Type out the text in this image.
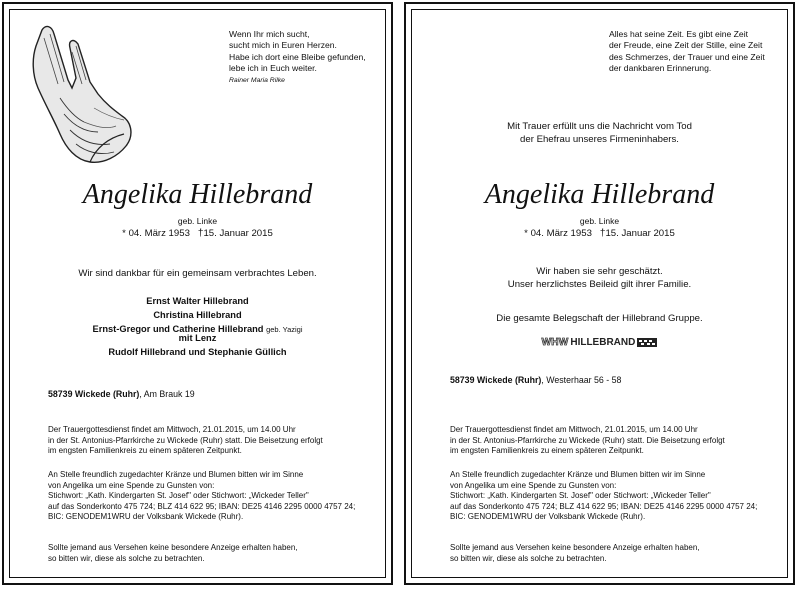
Wenn Ihr mich sucht,
sucht mich in Euren Herzen.
Habe ich dort eine Bleibe gefunden,
lebe ich in Euch weiter.
Rainer Maria Rilke
Angelika Hillebrand
geb. Linke
* 04. März 1953 †15. Januar 2015
Wir sind dankbar für ein gemeinsam verbrachtes Leben.
Ernst Walter Hillebrand
Christina Hillebrand
Ernst-Gregor und Catherine Hillebrand geb. Yazigi
mit Lenz
Rudolf Hillebrand und Stephanie Güllich
58739 Wickede (Ruhr), Am Brauk 19
Der Trauergottesdienst findet am Mittwoch, 21.01.2015, um 14.00 Uhr
in der St. Antonius-Pfarrkirche zu Wickede (Ruhr) statt. Die Beisetzung erfolgt
im engsten Familienkreis zu einem späteren Zeitpunkt.
An Stelle freundlich zugedachter Kränze und Blumen bitten wir im Sinne
von Angelika um eine Spende zu Gunsten von:
Stichwort: „Kath. Kindergarten St. Josef" oder Stichwort: „Wickeder Teller"
auf das Sonderkonto 475 724; BLZ 414 622 95; IBAN: DE25 4146 2295 0000 4757 24;
BIC: GENODEM1WRU der Volksbank Wickede (Ruhr).
Sollte jemand aus Versehen keine besondere Anzeige erhalten haben,
so bitten wir, diese als solche zu betrachten.
Alles hat seine Zeit. Es gibt eine Zeit
der Freude, eine Zeit der Stille, eine Zeit
des Schmerzes, der Trauer und eine Zeit
der dankbaren Erinnerung.
Mit Trauer erfüllt uns die Nachricht vom Tod
der Ehefrau unseres Firmeninhabers.
Angelika Hillebrand
geb. Linke
* 04. März 1953 †15. Januar 2015
Wir haben sie sehr geschätzt.
Unser herzlichstes Beileid gilt ihrer Familie.
Die gesamte Belegschaft der Hillebrand Gruppe.
WHW HILLEBRAND
58739 Wickede (Ruhr), Westerhaar 56 - 58
Der Trauergottesdienst findet am Mittwoch, 21.01.2015, um 14.00 Uhr
in der St. Antonius-Pfarrkirche zu Wickede (Ruhr) statt. Die Beisetzung erfolgt
im engsten Familienkreis zu einem späteren Zeitpunkt.
An Stelle freundlich zugedachter Kränze und Blumen bitten wir im Sinne
von Angelika um eine Spende zu Gunsten von:
Stichwort: „Kath. Kindergarten St. Josef" oder Stichwort: „Wickeder Teller"
auf das Sonderkonto 475 724; BLZ 414 622 95; IBAN: DE25 4146 2295 0000 4757 24;
BIC: GENODEM1WRU der Volksbank Wickede (Ruhr).
Sollte jemand aus Versehen keine besondere Anzeige erhalten haben,
so bitten wir, diese als solche zu betrachten.
